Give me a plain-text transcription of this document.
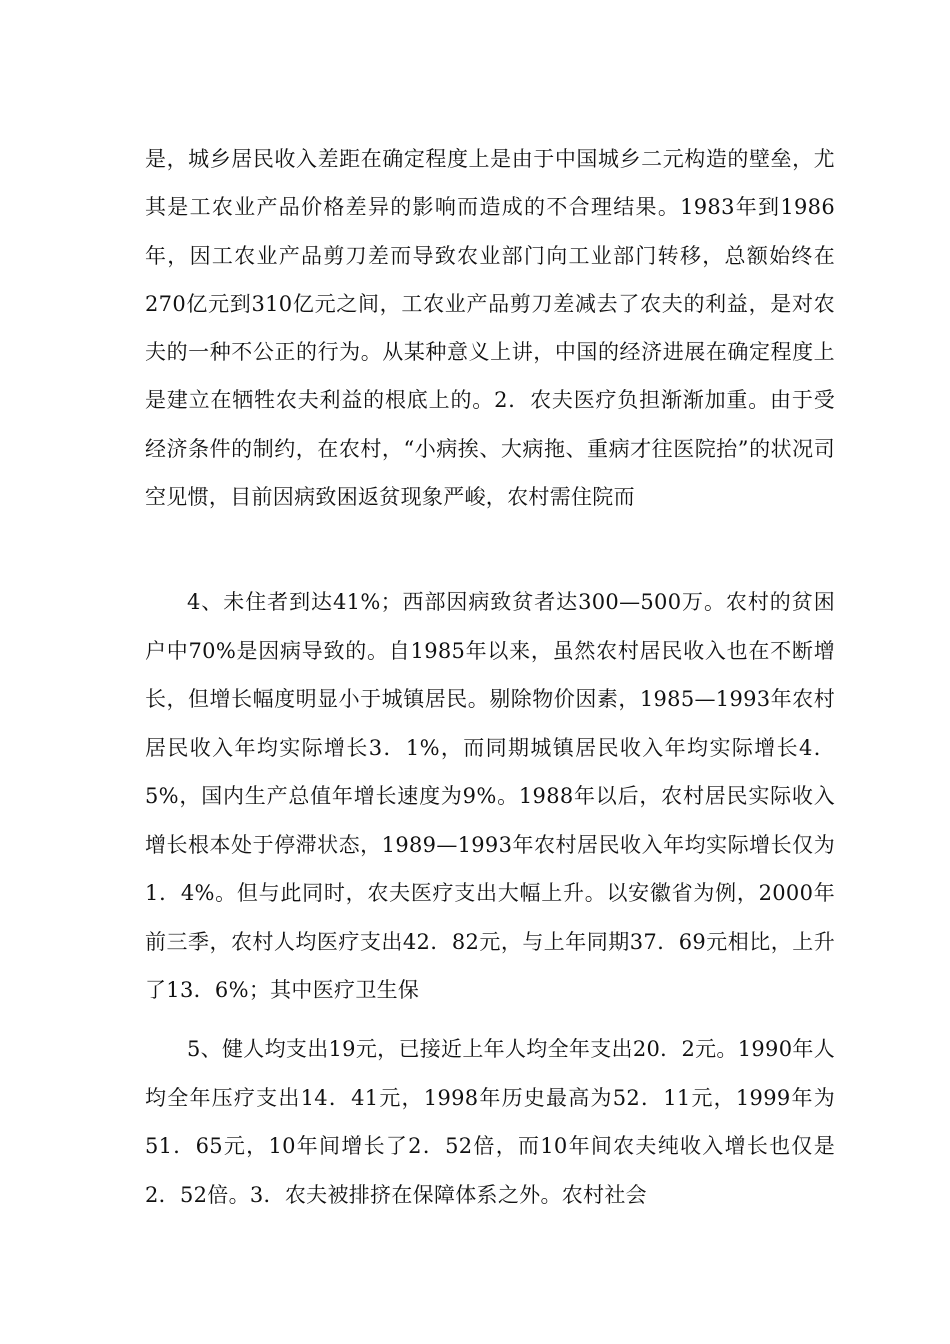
是，城乡居民收入差距在确定程度上是由于中国城乡二元构造的壁垒，尤其是工农业产品价格差异的影响而造成的不合理结果。1983年到1986年，因工农业产品剪刀差而导致农业部门向工业部门转移，总额始终在270亿元到310亿元之间，工农业产品剪刀差减去了农夫的利益，是对农夫的一种不公正的行为。从某种意义上讲，中国的经济进展在确定程度上是建立在牺牲农夫利益的根底上的。2．农夫医疗负担渐渐加重。由于受经济条件的制约，在农村，“小病挨、大病拖、重病才往医院抬”的状况司空见惯，目前因病致困返贫现象严峻，农村需住院而

4、未住者到达41%；西部因病致贫者达300—500万。农村的贫困户中70%是因病导致的。自1985年以来，虽然农村居民收入也在不断增长，但增长幅度明显小于城镇居民。剔除物价因素，1985—1993年农村居民收入年均实际增长3．1%，而同期城镇居民收入年均实际增长4．5%，国内生产总值年增长速度为9%。1988年以后，农村居民实际收入增长根本处于停滞状态，1989—1993年农村居民收入年均实际增长仅为1．4%。但与此同时，农夫医疗支出大幅上升。以安徽省为例，2000年前三季，农村人均医疗支出42．82元，与上年同期37．69元相比，上升了13．6%；其中医疗卫生保

5、健人均支出19元，已接近上年人均全年支出20．2元。1990年人均全年压疗支出14．41元，1998年历史最高为52．11元，1999年为51．65元，10年间增长了2．52倍，而10年间农夫纯收入增长也仅是2．52倍。3．农夫被排挤在保障体系之外。农村社会
